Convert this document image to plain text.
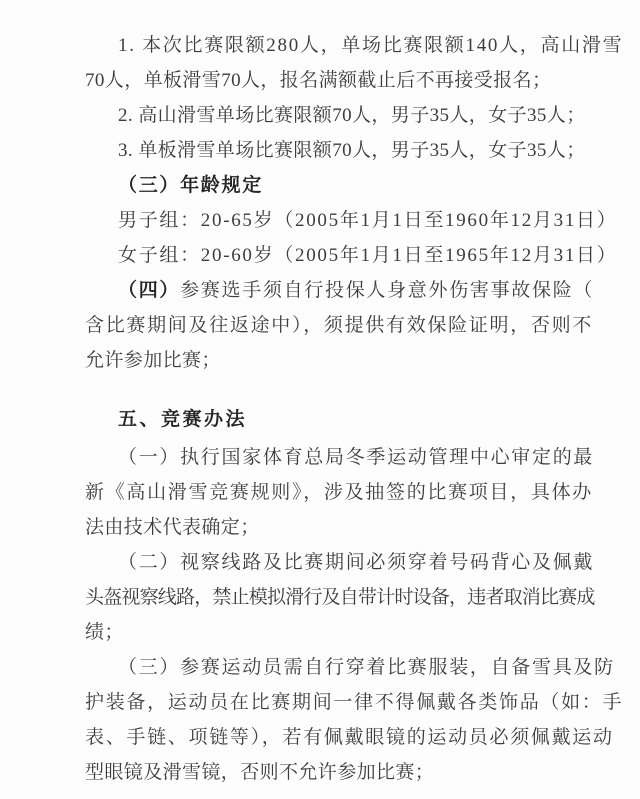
1. 本次比赛限额280人，单场比赛限额140人，高山滑雪
70人，单板滑雪70人，报名满额截止后不再接受报名；
2. 高山滑雪单场比赛限额70人，男子35人，女子35人；
3. 单板滑雪单场比赛限额70人，男子35人，女子35人；
（三）年龄规定
男子组：20-65岁（2005年1月1日至1960年12月31日）
女子组：20-60岁（2005年1月1日至1965年12月31日）
（四）参赛选手须自行投保人身意外伤害事故保险（
含比赛期间及往返途中），须提供有效保险证明，否则不
允许参加比赛；
五、竞赛办法
（一）执行国家体育总局冬季运动管理中心审定的最
新《高山滑雪竞赛规则》，涉及抽签的比赛项目，具体办
法由技术代表确定；
（二）视察线路及比赛期间必须穿着号码背心及佩戴
头盔视察线路，禁止模拟滑行及自带计时设备，违者取消比赛成
绩；
（三）参赛运动员需自行穿着比赛服装，自备雪具及防
护装备，运动员在比赛期间一律不得佩戴各类饰品（如：手
表、手链、项链等），若有佩戴眼镜的运动员必须佩戴运动
型眼镜及滑雪镜，否则不允许参加比赛；
